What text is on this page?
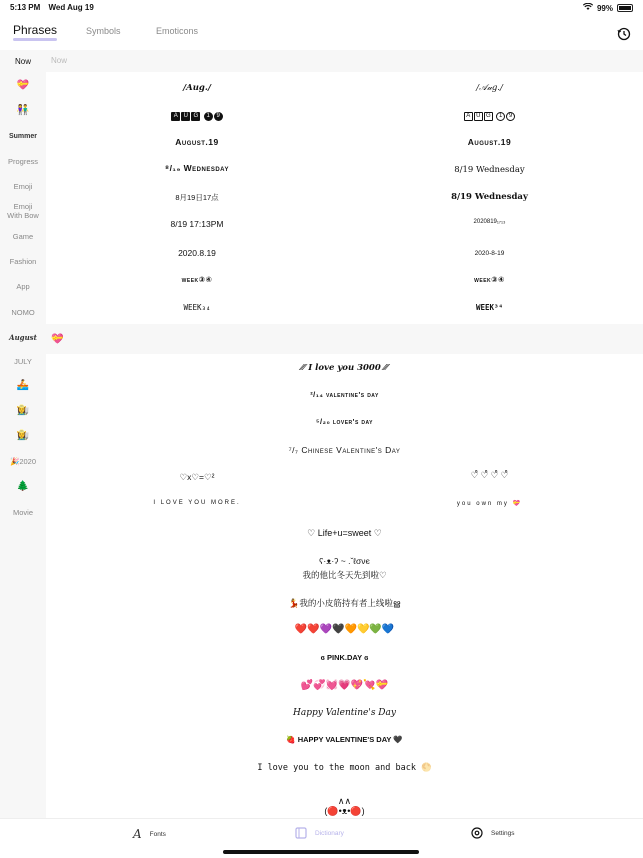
5:13 PM Wed Aug 19	99%
Phrases	Symbols	Emoticons
Now
💝
👫
Summer
Progress
Emoji
Emoji
With Bow
Game
Fashion
App
NOMO
August
JULY
🚣
👩‍🌾
👩‍🌾
🎉2020
🌲
Movie
Now
/Aug./	/𝒜𝓊𝑔./
A U G 1 9	A U G 1 9
August.19	August.19
⁸/₁₉ Wednesday	8/19 Wednesday
8月19日17点	8/19 Wednesday
8/19 17:13PM	2020819₁₇₁₃
2020.8.19	2020-8-19
week③④	week③④
WEEK₃₄	WEEK³⁴
💝
⁄⁄⁄ I love you 3000 ⁄⁄⁄
²/₁₄ valentine's day
⁵/₂₀ lover's day
⁷/₇ Chinese Valentine's Day
♡x♡=♡²	♡̊ ♡̊ ♡̊ ♡̊
I LOVE YOU MORE.	you own my 💝
♡ Life+u=sweet ♡
ʕ·ᴥ·ʔ ~ .ˇℓσνє
我的他比冬天先到啦♡
💃我的小皮筋持有者上线啦ൠ
❤️❤️💜🖤🧡💛💚💙
ɞ PINK.DAY ɞ
💕💞💓💗💖💘💝
Happy Valentine's Day
🍓 HAPPY VALENTINE'S DAY 🖤
I love you to the moon and back 🌕
∧∧
(🔴•ᴥ•🔴)
A Fonts	Dictionary	Settings
